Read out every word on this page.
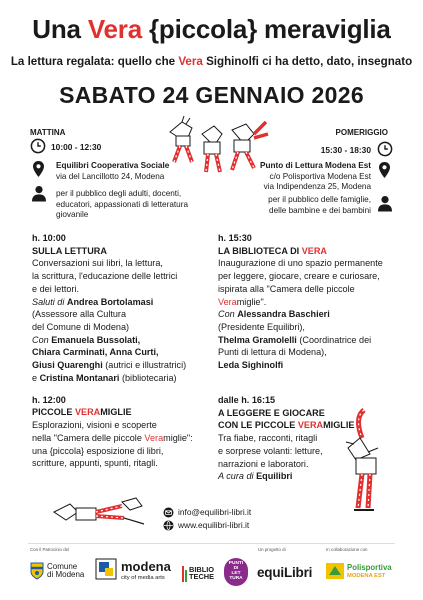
Una Vera {piccola} meraviglia
La lettura regalata: quello che Vera Sighinolfi ci ha detto, dato, insegnato
SABATO 24 GENNAIO 2026
MATTINA
10:00 - 12:30
Equilibri Cooperativa Sociale
via del Lancillotto 24, Modena
per il pubblico degli adulti, docenti,
educatori, appassionati di letteratura
giovanile
POMERIGGIO
15:30 - 18:30
Punto di Lettura Modena Est
c/o Polisportiva Modena Est
via Indipendenza 25, Modena
per il pubblico delle famiglie,
delle bambine e dei bambini
h. 10:00
SULLA LETTURA
Conversazioni sui libri, la lettura,
la scrittura, l'educazione delle lettrici
e dei lettori.
Saluti di Andrea Bortolamasi
(Assessore alla Cultura
del Comune di Modena)
Con Emanuela Bussolati,
Chiara Carminati, Anna Curti,
Giusi Quarenghi (autrici e illustratrici)
e Cristina Montanari (bibliotecaria)
h. 12:00
PICCOLE VERAMIGLIE
Esplorazioni, visioni e scoperte
nella "Camera delle piccole Veramiglie":
una {piccola} esposizione di libri,
scritture, appunti, spunti, ritagli.
h. 15:30
LA BIBLIOTECA DI VERA
Inaugurazione di uno spazio permanente
per leggere, giocare, creare e curiosare,
ispirata alla "Camera delle piccole
Veramiglie".
Con Alessandra Baschieri
(Presidente Equilibri),
Thelma Gramolelli (Coordinatrice dei
Punti di lettura di Modena),
Leda Sighinolfi
dalle h. 16:15
A LEGGERE E GIOCARE
CON LE PICCOLE VERAMIGLIE
Tra fiabe, racconti, ritagli
e sorprese volanti: letture,
narrazioni e laboratori.
A cura di Equilibri
info@equilibri-libri.it
www.equilibri-libri.it
Con il Patrocinio del	Un progetto di	In collaborazione con
Comune
di Modena
modena
city of media arts
BIBLIO
TECHE
PUNTI
DI
LET
TURA	equiLibri	Polisportiva
MODENA EST
